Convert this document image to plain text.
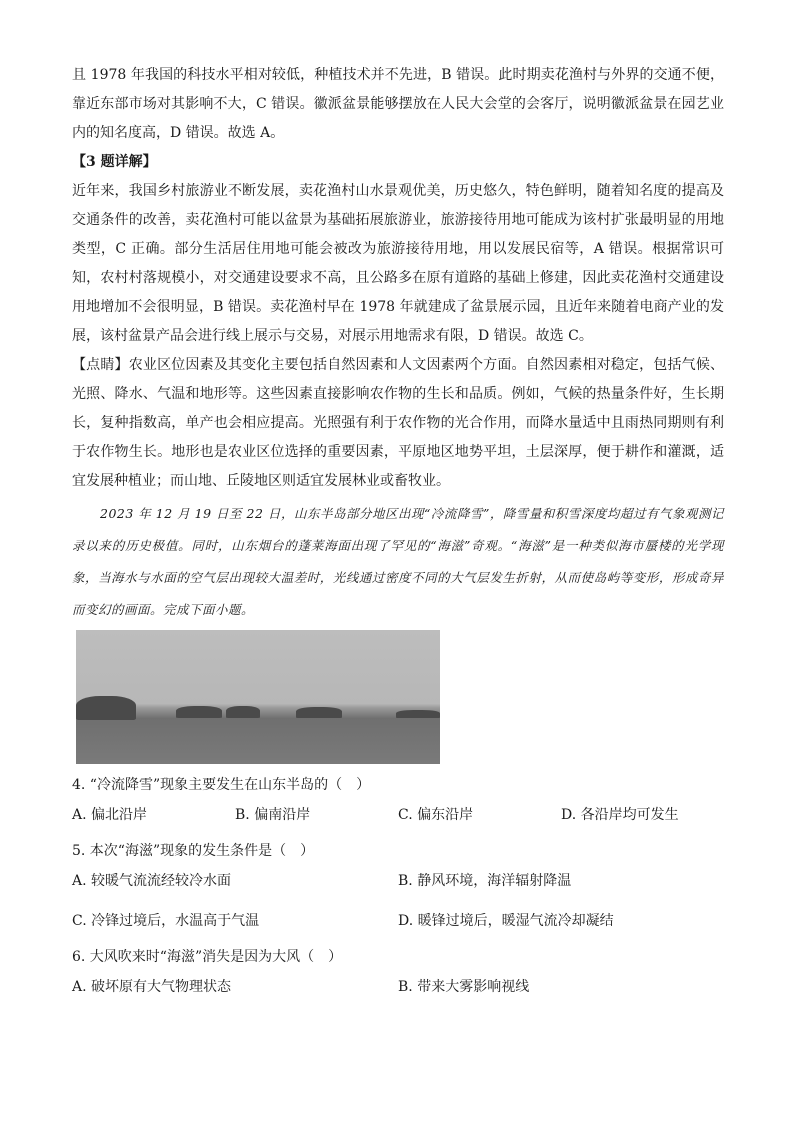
且 1978 年我国的科技水平相对较低，种植技术并不先进，B 错误。此时期卖花渔村与外界的交通不便，靠近东部市场对其影响不大，C 错误。徽派盆景能够摆放在人民大会堂的会客厅，说明徽派盆景在园艺业内的知名度高，D 错误。故选 A。

【3 题详解】

近年来，我国乡村旅游业不断发展，卖花渔村山水景观优美，历史悠久，特色鲜明，随着知名度的提高及交通条件的改善，卖花渔村可能以盆景为基础拓展旅游业，旅游接待用地可能成为该村扩张最明显的用地类型，C 正确。部分生活居住用地可能会被改为旅游接待用地，用以发展民宿等，A 错误。根据常识可知，农村村落规模小，对交通建设要求不高，且公路多在原有道路的基础上修建，因此卖花渔村交通建设用地增加不会很明显，B 错误。卖花渔村早在 1978 年就建成了盆景展示园，且近年来随着电商产业的发展，该村盆景产品会进行线上展示与交易，对展示用地需求有限，D 错误。故选 C。

【点睛】农业区位因素及其变化主要包括自然因素和人文因素两个方面。自然因素相对稳定，包括气候、光照、降水、气温和地形等。这些因素直接影响农作物的生长和品质。例如，气候的热量条件好，生长期长，复种指数高，单产也会相应提高。光照强有利于农作物的光合作用，而降水量适中且雨热同期则有利于农作物生长。地形也是农业区位选择的重要因素，平原地区地势平坦，土层深厚，便于耕作和灌溉，适宜发展种植业；而山地、丘陵地区则适宜发展林业或畜牧业。

2023 年 12 月 19 日至 22 日，山东半岛部分地区出现“冷流降雪”，降雪量和积雪深度均超过有气象观测记录以来的历史极值。同时，山东烟台的蓬莱海面出现了罕见的“海滋”奇观。“海滋”是一种类似海市蜃楼的光学现象，当海水与水面的空气层出现较大温差时，光线通过密度不同的大气层发生折射，从而使岛屿等变形，形成奇异而变幻的画面。完成下面小题。

4. “冷流降雪”现象主要发生在山东半岛的（　）

A. 偏北沿岸	B. 偏南沿岸	C. 偏东沿岸	D. 各沿岸均可发生

5. 本次“海滋”现象的发生条件是（　）

A. 较暖气流流经较冷水面	B. 静风环境，海洋辐射降温
C. 冷锋过境后，水温高于气温	D. 暖锋过境后，暖湿气流冷却凝结

6. 大风吹来时“海滋”消失是因为大风（　）

A. 破坏原有大气物理状态	B. 带来大雾影响视线
